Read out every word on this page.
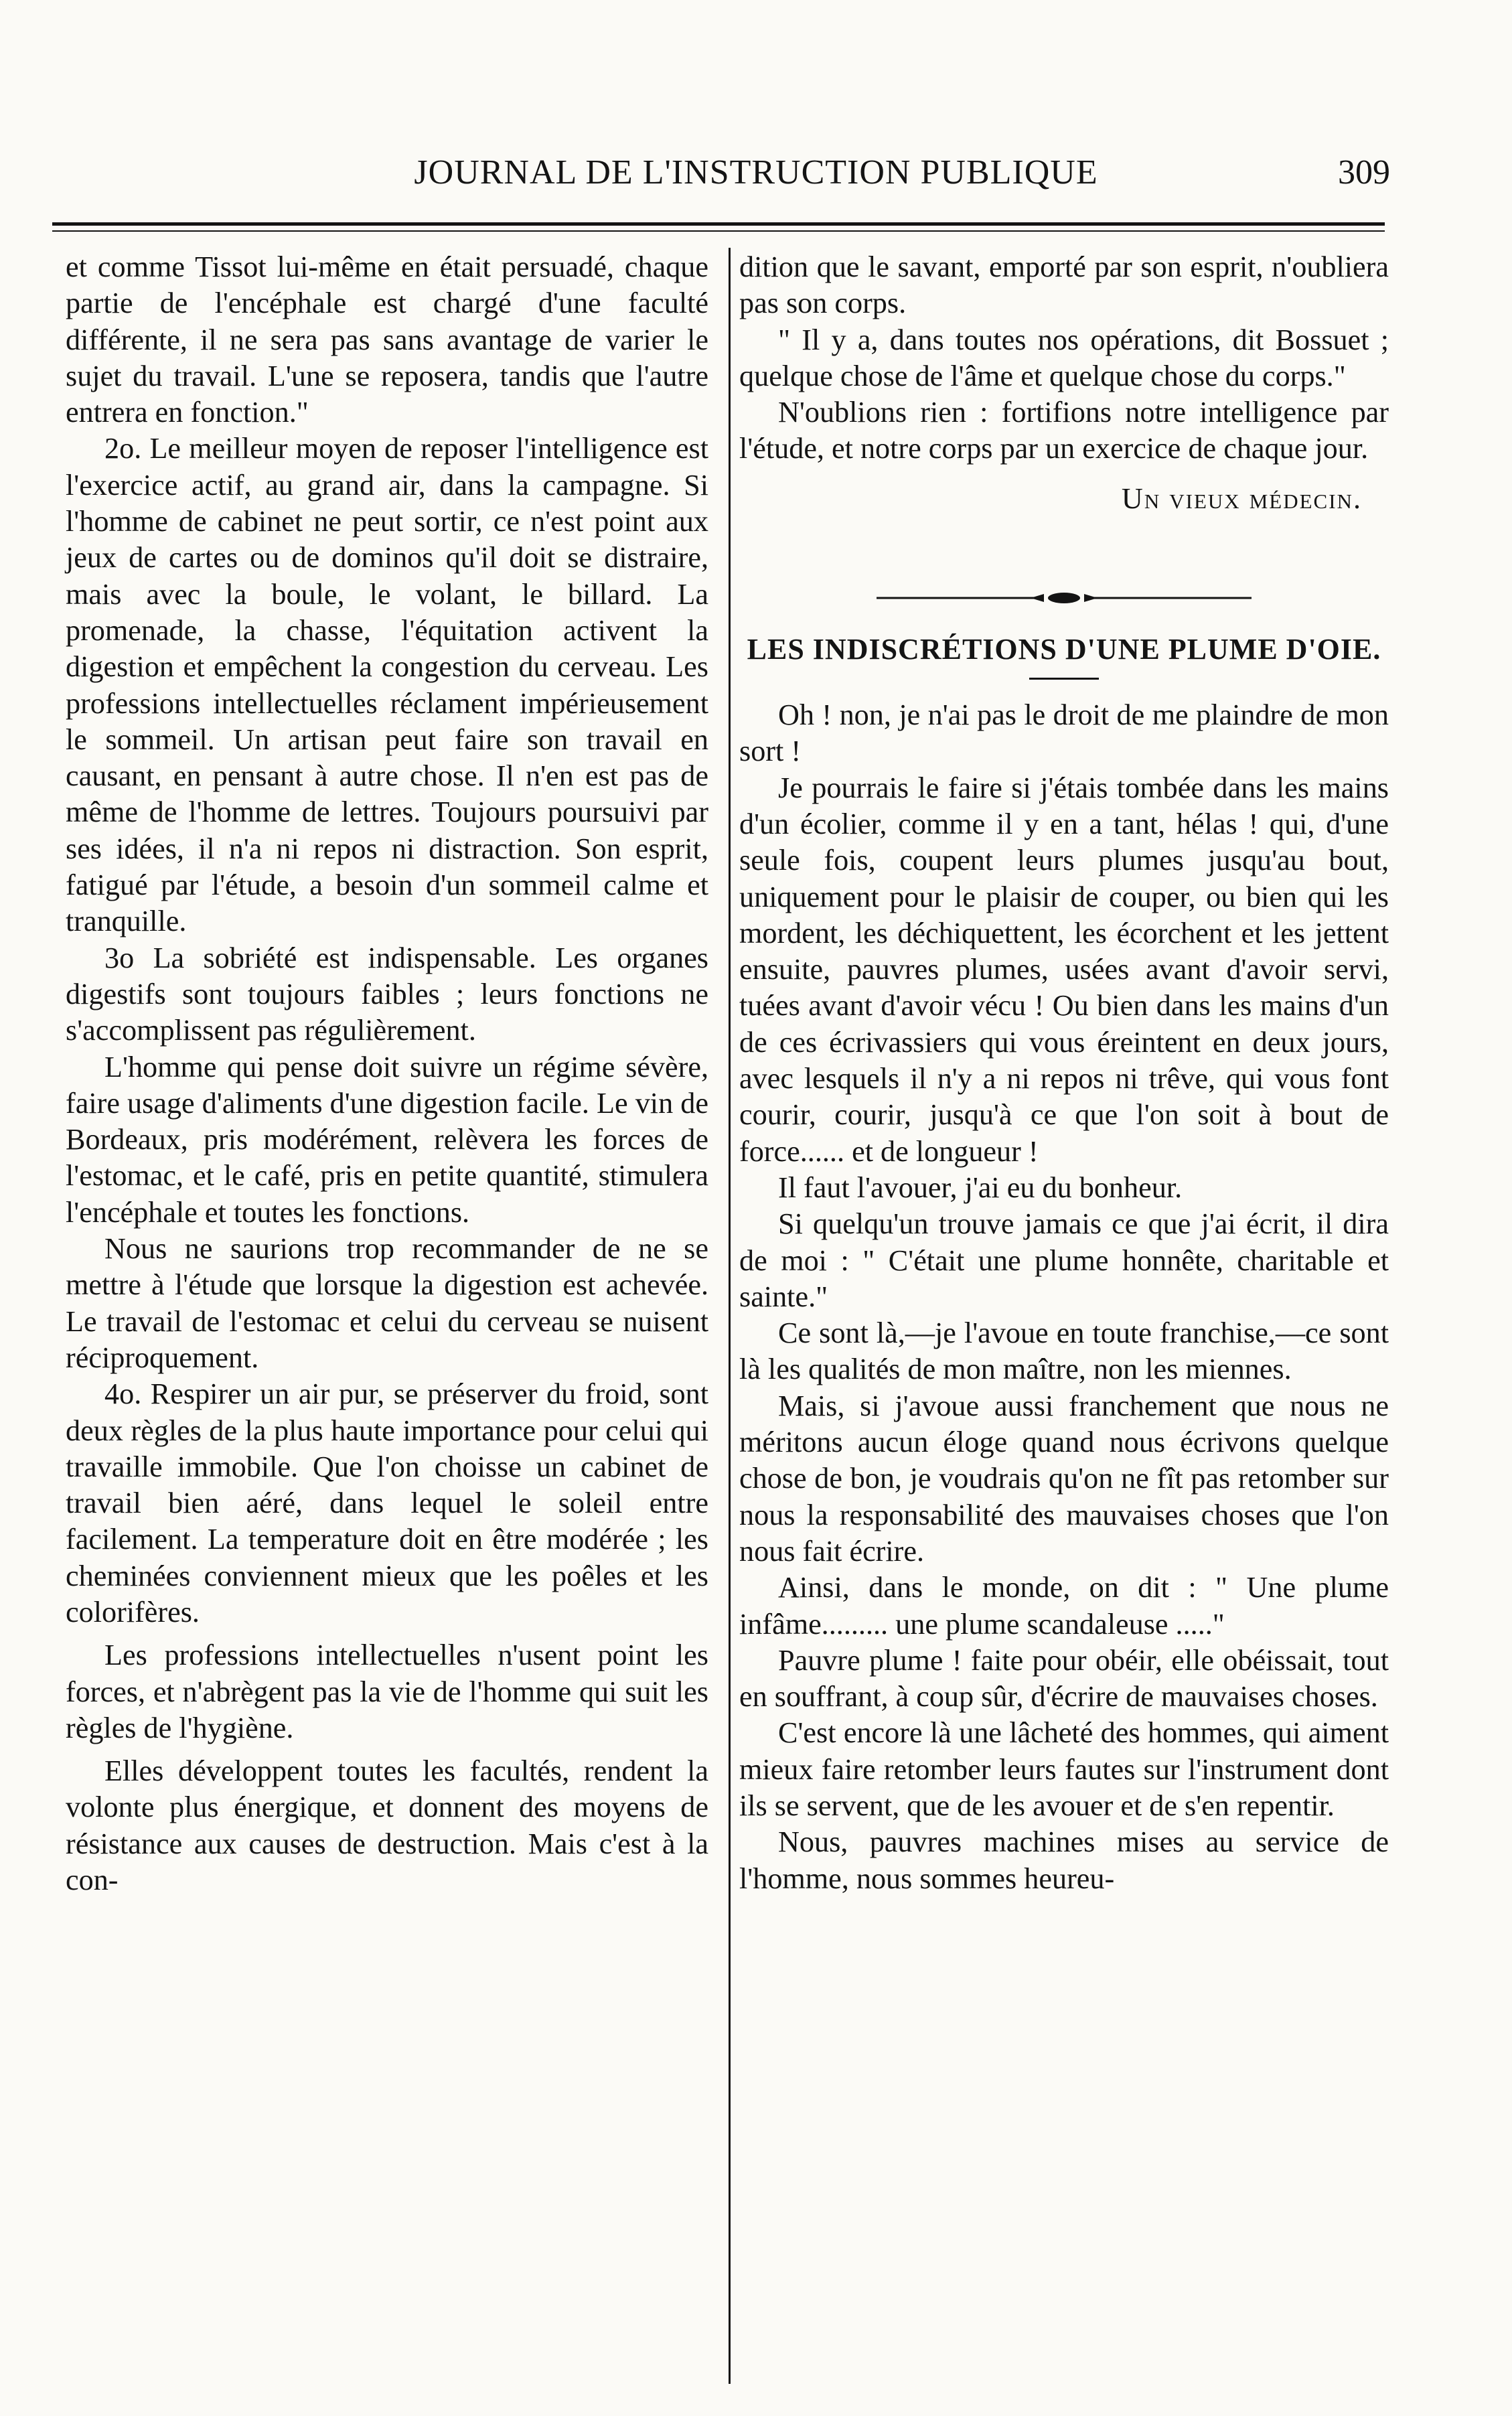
JOURNAL DE L'INSTRUCTION PUBLIQUE	309

et comme Tissot lui-même en était persuadé, chaque partie de l'encéphale est chargé d'une faculté différente, il ne sera pas sans avantage de varier le sujet du travail. L'une se reposera, tandis que l'autre entrera en fonction."

2o. Le meilleur moyen de reposer l'intelligence est l'exercice actif, au grand air, dans la campagne. Si l'homme de cabinet ne peut sortir, ce n'est point aux jeux de cartes ou de dominos qu'il doit se distraire, mais avec la boule, le volant, le billard. La promenade, la chasse, l'équitation activent la digestion et empêchent la congestion du cerveau. Les professions intellectuelles réclament impérieusement le sommeil. Un artisan peut faire son travail en causant, en pensant à autre chose. Il n'en est pas de même de l'homme de lettres. Toujours poursuivi par ses idées, il n'a ni repos ni distraction. Son esprit, fatigué par l'étude, a besoin d'un sommeil calme et tranquille.

3o La sobriété est indispensable. Les organes digestifs sont toujours faibles ; leurs fonctions ne s'accomplissent pas régulièrement.

L'homme qui pense doit suivre un régime sévère, faire usage d'aliments d'une digestion facile. Le vin de Bordeaux, pris modérément, relèvera les forces de l'estomac, et le café, pris en petite quantité, stimulera l'encéphale et toutes les fonctions.

Nous ne saurions trop recommander de ne se mettre à l'étude que lorsque la digestion est achevée. Le travail de l'estomac et celui du cerveau se nuisent réciproquement.

4o. Respirer un air pur, se préserver du froid, sont deux règles de la plus haute importance pour celui qui travaille immobile. Que l'on choisse un cabinet de travail bien aéré, dans lequel le soleil entre facilement. La temperature doit en être modérée ; les cheminées conviennent mieux que les poêles et les colorifères.

Les professions intellectuelles n'usent point les forces, et n'abrègent pas la vie de l'homme qui suit les règles de l'hygiène.

Elles développent toutes les facultés, rendent la volonte plus énergique, et donnent des moyens de résistance aux causes de destruction. Mais c'est à la con-

dition que le savant, emporté par son esprit, n'oubliera pas son corps.

" Il y a, dans toutes nos opérations, dit Bossuet ; quelque chose de l'âme et quelque chose du corps."

N'oublions rien : fortifions notre intelligence par l'étude, et notre corps par un exercice de chaque jour.

Un vieux médecin.
LES INDISCRÉTIONS D'UNE PLUME D'OIE.

Oh ! non, je n'ai pas le droit de me plaindre de mon sort !

Je pourrais le faire si j'étais tombée dans les mains d'un écolier, comme il y en a tant, hélas ! qui, d'une seule fois, coupent leurs plumes jusqu'au bout, uniquement pour le plaisir de couper, ou bien qui les mordent, les déchiquettent, les écorchent et les jettent ensuite, pauvres plumes, usées avant d'avoir servi, tuées avant d'avoir vécu ! Ou bien dans les mains d'un de ces écrivassiers qui vous éreintent en deux jours, avec lesquels il n'y a ni repos ni trêve, qui vous font courir, courir, jusqu'à ce que l'on soit à bout de force...... et de longueur !

Il faut l'avouer, j'ai eu du bonheur.

Si quelqu'un trouve jamais ce que j'ai écrit, il dira de moi : " C'était une plume honnête, charitable et sainte."

Ce sont là,—je l'avoue en toute franchise,—ce sont là les qualités de mon maître, non les miennes.

Mais, si j'avoue aussi franchement que nous ne méritons aucun éloge quand nous écrivons quelque chose de bon, je voudrais qu'on ne fît pas retomber sur nous la responsabilité des mauvaises choses que l'on nous fait écrire.

Ainsi, dans le monde, on dit : " Une plume infâme......... une plume scandaleuse ....."

Pauvre plume ! faite pour obéir, elle obéissait, tout en souffrant, à coup sûr, d'écrire de mauvaises choses.

C'est encore là une lâcheté des hommes, qui aiment mieux faire retomber leurs fautes sur l'instrument dont ils se servent, que de les avouer et de s'en repentir.

Nous, pauvres machines mises au service de l'homme, nous sommes heureu-
